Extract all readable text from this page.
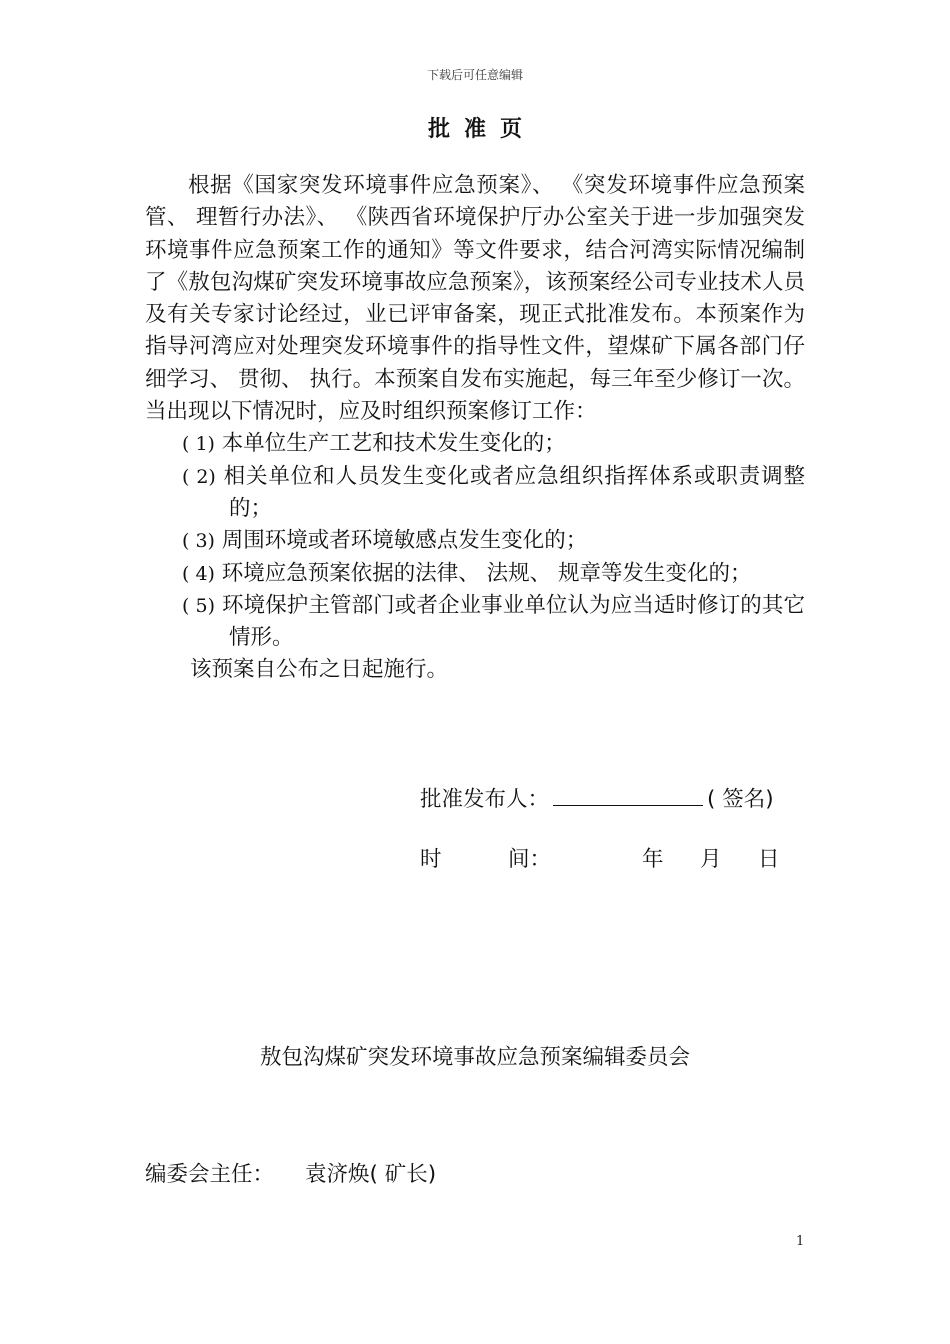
下载后可任意编辑
批准页

根据《国家突发环境事件应急预案》、 《突发环境事件应急预案管、 理暂行办法》、 《陕西省环境保护厅办公室关于进一步加强突发环境事件应急预案工作的通知》等文件要求，结合河湾实际情况编制了《敖包沟煤矿突发环境事故应急预案》，该预案经公司专业技术人员及有关专家讨论经过，业已评审备案，现正式批准发布。本预案作为指导河湾应对处理突发环境事件的指导性文件，望煤矿下属各部门仔细学习、 贯彻、 执行。本预案自发布实施起，每三年至少修订一次。当出现以下情况时，应及时组织预案修订工作：

( 1) 本单位生产工艺和技术发生变化的；
( 2) 相关单位和人员发生变化或者应急组织指挥体系或职责调整的；
( 3) 周围环境或者环境敏感点发生变化的；
( 4) 环境应急预案依据的法律、 法规、 规章等发生变化的；
( 5) 环境保护主管部门或者企业事业单位认为应当适时修订的其它情形。

该预案自公布之日起施行。

批准发布人：	( 签名)
时	间：	年 月 日
敖包沟煤矿突发环境事故应急预案编辑委员会
编委会主任： 袁济焕( 矿长)
1
